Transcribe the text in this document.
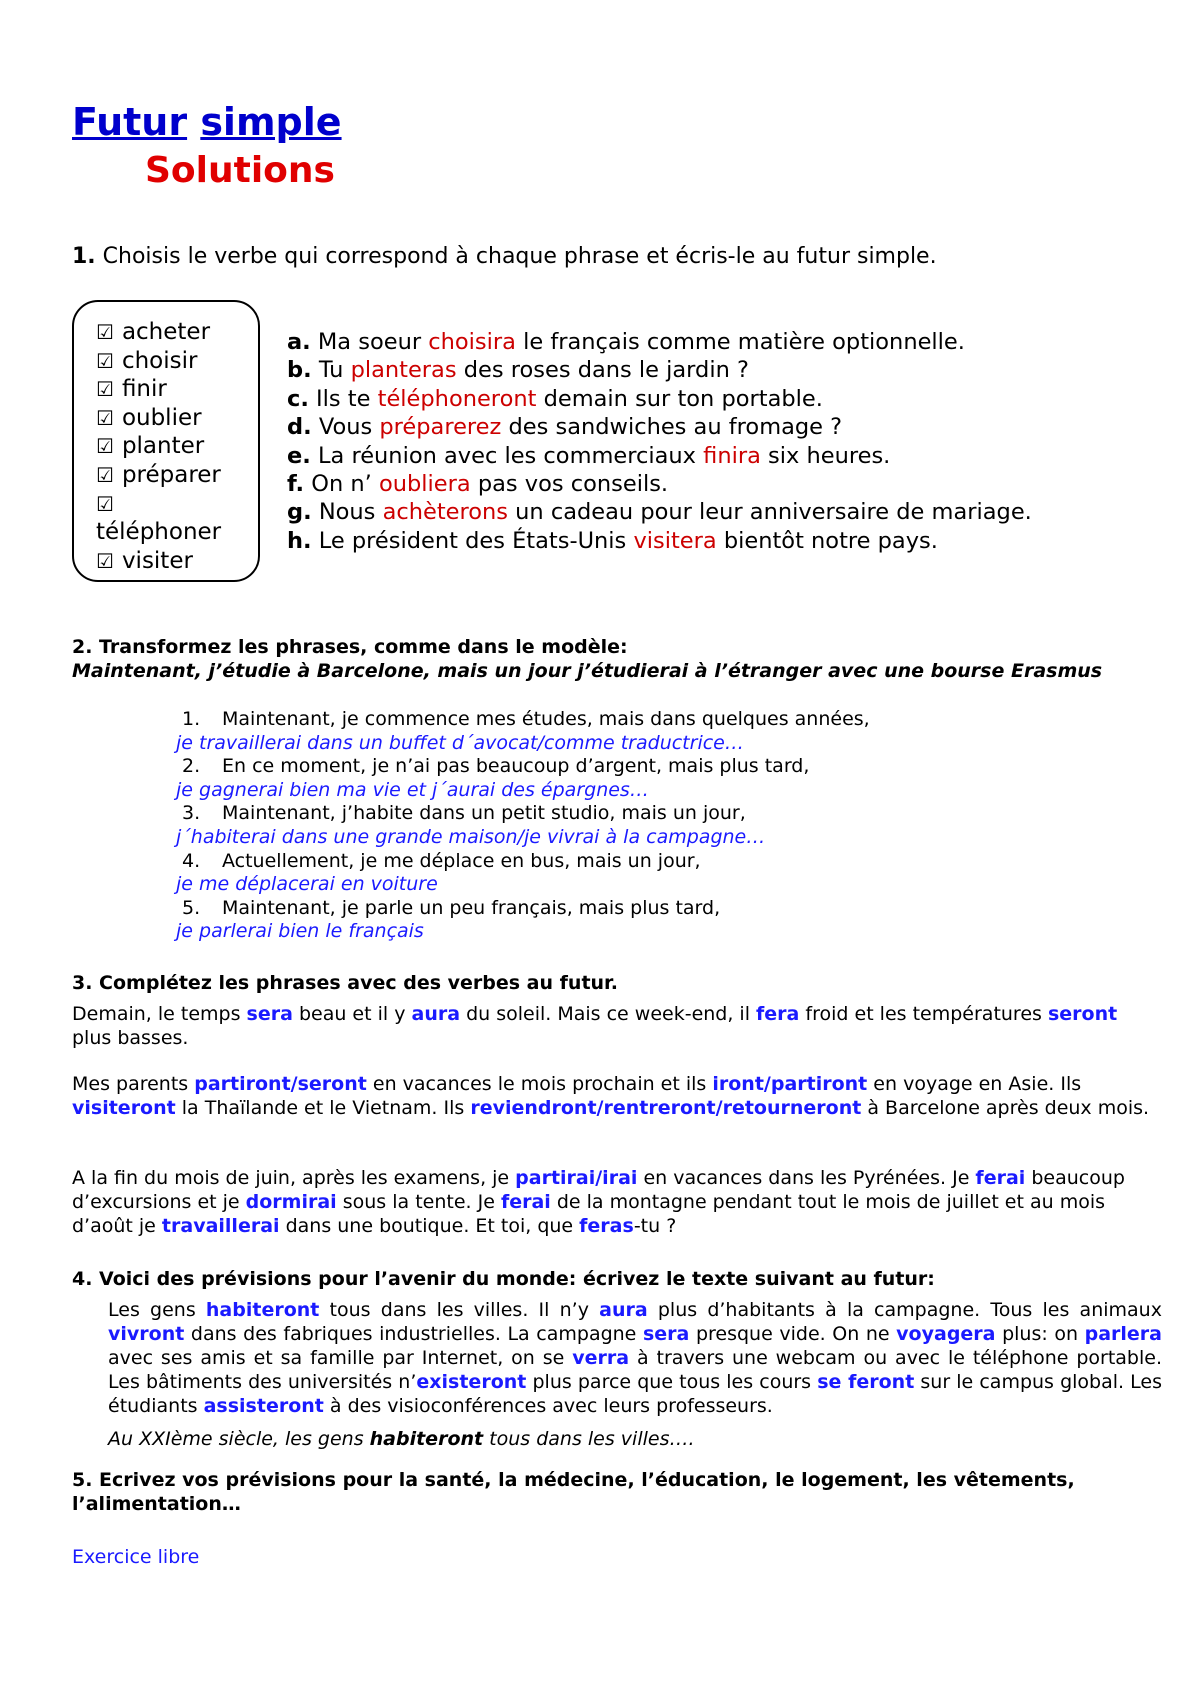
Futur simple
Solutions
1. Choisis le verbe qui correspond à chaque phrase et écris-le au futur simple.
☑ acheter
☑ choisir
☑ finir
☑ oublier
☑ planter
☑ préparer
☑
téléphoner
☑ visiter
a. Ma soeur choisira le français comme matière optionnelle.
b. Tu planteras des roses dans le jardin ?
c. Ils te téléphoneront demain sur ton portable.
d. Vous préparerez des sandwiches au fromage ?
e. La réunion avec les commerciaux finira six heures.
f. On n’ oubliera pas vos conseils.
g. Nous achèterons un cadeau pour leur anniversaire de mariage.
h. Le président des États-Unis visitera bientôt notre pays.
2. Transformez les phrases, comme dans le modèle:
Maintenant, j’étudie à Barcelone, mais un jour j’étudierai à l’étranger avec une bourse Erasmus
1. Maintenant, je commence mes études, mais dans quelques années,
je travaillerai dans un buffet d´avocat/comme traductrice…
2. En ce moment, je n’ai pas beaucoup d’argent, mais plus tard,
je gagnerai bien ma vie et j´aurai des épargnes…
3. Maintenant, j’habite dans un petit studio, mais un jour,
j´habiterai dans une grande maison/je vivrai à la campagne…
4. Actuellement, je me déplace en bus, mais un jour,
je me déplacerai en voiture
5. Maintenant, je parle un peu français, mais plus tard,
je parlerai bien le français
3. Complétez les phrases avec des verbes au futur.
Demain, le temps sera beau et il y aura du soleil. Mais ce week-end, il fera froid et les températures seront plus basses.
Mes parents partiront/seront en vacances le mois prochain et ils iront/partiront en voyage en Asie. Ils visiteront la Thaïlande et le Vietnam. Ils reviendront/rentreront/retourneront à Barcelone après deux mois.
A la fin du mois de juin, après les examens, je partirai/irai en vacances dans les Pyrénées. Je ferai beaucoup d’excursions et je dormirai sous la tente. Je ferai de la montagne pendant tout le mois de juillet et au mois d’août je travaillerai dans une boutique. Et toi, que feras-tu ?
4. Voici des prévisions pour l’avenir du monde: écrivez le texte suivant au futur:
Les gens habiteront tous dans les villes. Il n’y aura plus d’habitants à la campagne. Tous les animaux vivront dans des fabriques industrielles. La campagne sera presque vide. On ne voyagera plus: on parlera avec ses amis et sa famille par Internet, on se verra à travers une webcam ou avec le téléphone portable. Les bâtiments des universités n’existeront plus parce que tous les cours se feront sur le campus global. Les étudiants assisteront à des visioconférences avec leurs professeurs.
Au XXIème siècle, les gens habiteront tous dans les villes….
5. Ecrivez vos prévisions pour la santé, la médecine, l’éducation, le logement, les vêtements, l’alimentation…
Exercice libre
